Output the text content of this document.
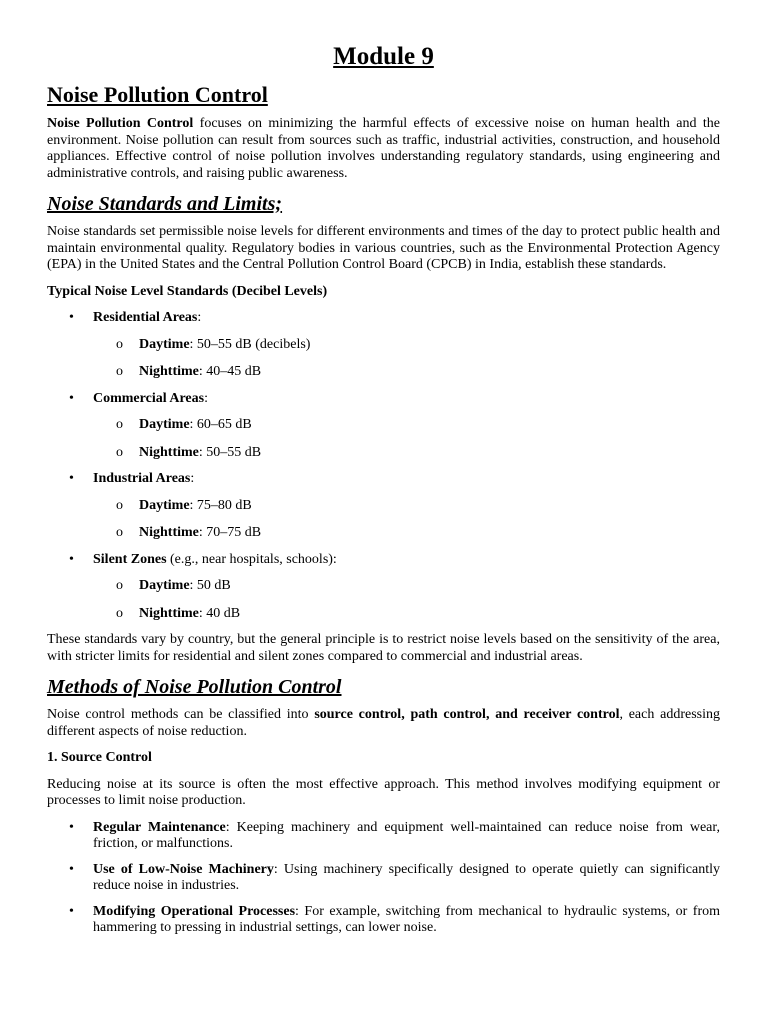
Module 9
Noise Pollution Control

Noise Pollution Control focuses on minimizing the harmful effects of excessive noise on human health and the environment. Noise pollution can result from sources such as traffic, industrial activities, construction, and household appliances. Effective control of noise pollution involves understanding regulatory standards, using engineering and administrative controls, and raising public awareness.

Noise Standards and Limits;

Noise standards set permissible noise levels for different environments and times of the day to protect public health and maintain environmental quality. Regulatory bodies in various countries, such as the Environmental Protection Agency (EPA) in the United States and the Central Pollution Control Board (CPCB) in India, establish these standards.

Typical Noise Level Standards (Decibel Levels)
• Residential Areas:
o Daytime: 50–55 dB (decibels)
o Nighttime: 40–45 dB
• Commercial Areas:
o Daytime: 60–65 dB
o Nighttime: 50–55 dB
• Industrial Areas:
o Daytime: 75–80 dB
o Nighttime: 70–75 dB
• Silent Zones (e.g., near hospitals, schools):
o Daytime: 50 dB
o Nighttime: 40 dB

These standards vary by country, but the general principle is to restrict noise levels based on the sensitivity of the area, with stricter limits for residential and silent zones compared to commercial and industrial areas.

Methods of Noise Pollution Control

Noise control methods can be classified into source control, path control, and receiver control, each addressing different aspects of noise reduction.

1. Source Control

Reducing noise at its source is often the most effective approach. This method involves modifying equipment or processes to limit noise production.

• Regular Maintenance: Keeping machinery and equipment well-maintained can reduce noise from wear, friction, or malfunctions.
• Use of Low-Noise Machinery: Using machinery specifically designed to operate quietly can significantly reduce noise in industries.
• Modifying Operational Processes: For example, switching from mechanical to hydraulic systems, or from hammering to pressing in industrial settings, can lower noise.
